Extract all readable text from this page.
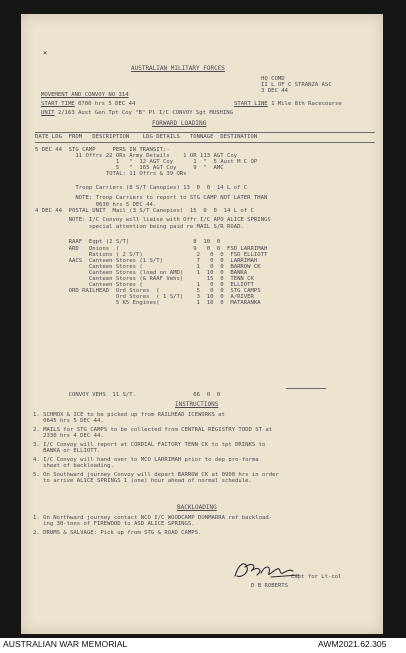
×
AUSTRALIAN MILITARY FORCES
HQ COMD
II L OF C STRANZA ASC
3 DEC 44
MOVEMENT AND CONVOY NO 314
START TIME 0700 hrs 5 DEC 44	START LINE 1 Mile 8th Racecourse
UNIT 2/163 Aust Gen Tpt Coy "B" Pl I/C CONVOY Sgt MUSHING
FORWARD LOADING
DATE LDG  FROM   DESCRIPTION    LDG DETAILS   TONNAGE  DESTINATION
5 DEC 44  STG CAMP     PERS IN TRANSIT:-
11 Offrs 22 ORs Army Details    1 OR 113 AGT Coy
1   "  12 AGT Coy      1  "  5 Aust M C OP
5   "  165 AGT Coy     9  "  AMC
TOTAL: 11 Offrs & 39 ORs
Troop Carriers (8 S/T Canopies) 13  0  0  14 L of C
NOTE: Troop Carriers to report to STG CAMP NOT LATER THAN
0630 hrs 5 DEC 44.
4 DEC 44  POSTAL UNIT  Mail (3 S/T Canopies)  15  0  0  14 L of C
NOTE: I/C Convoy will liaise with Offr I/C APO ALICE SPRINGS
special attention being paid re MAIL S/R ROAD.
RAAF  Eqpt (2 S/T)                   8  10  0
ARD   Onions  (                      9   0  0  FSD LARRIMAH
Rations ( 2 S/T)                2   0  0  FSD ELLIOTT
AACS  Canteen Stores (1 S/T)          7   0  0  LARRIMAH
Canteen Stores (                1   0  0  BARROW CK
Canteen Stores (load on AMD)    1  10  0  BANKA
Canteen Stores (& RAAF Vehs)       15  0  TENN CK
Canteen Stores (                1   0  0  ELLIOTT
ORD RAILHEAD  Ord Stores  (           5   0  0  STG CAMPS
Ord Stores  ( 1 S/T)    3  10  0  A/RIVER
5 K5 Engines(           1  10  0  MATARANKA
CONVOY VEHS  11 S/T.                 66  0  0
INSTRUCTIONS
1. SCHMOX & ICE to be picked up from RAILHEAD ICEWORKS at
0645 hrs 5 DEC 44.
2. MAILS for STG CAMPS to be collected from CENTRAL REGISTRY TODD ST at
2330 hrs 4 DEC 44.
3. I/C Convoy will report at CORDIAL FACTORY TENN CK to tpt DRINKS to
BANKA or ELLIOTT.
4. I/C Convoy will hand over to MCO LARRIMAH prior to dep pro-forma
sheet of backloading.
5. On Southward journey Convoy will depart BARROW CK at 0900 hrs in order
to arrive ALICE SPRINGS 1 (one) hour ahead of normal schedule.
BACKLOADING
1. On Northward journey contact NCO I/C WOODCAMP DUNMARRA ref backload-
ing 30-tons of FIREWOOD to ASD ALICE SPRINGS.
2. DRUMS & SALVAGE: Pick up from STG & ROAD CAMPS.
Capt for Lt-col
D B ROBERTS
AUSTRALIAN WAR MEMORIAL	AWM2021.62.305
